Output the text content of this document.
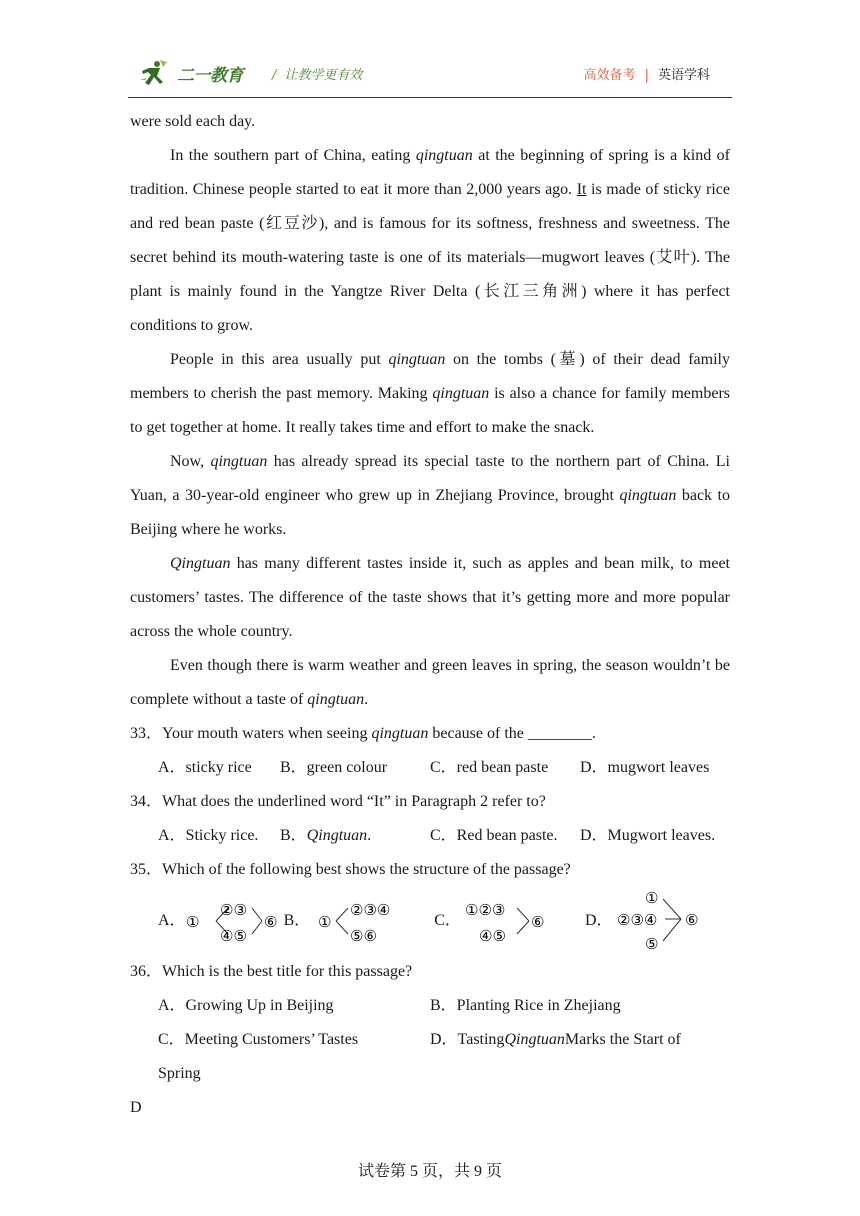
二一教育 / 让教学更有效	高效备考 | 英语学科

were sold each day.

In the southern part of China, eating qingtuan at the beginning of spring is a kind of tradition. Chinese people started to eat it more than 2,000 years ago. It is made of sticky rice and red bean paste (红豆沙), and is famous for its softness, freshness and sweetness. The secret behind its mouth-watering taste is one of its materials—mugwort leaves (艾叶). The plant is mainly found in the Yangtze River Delta (长江三角洲) where it has perfect conditions to grow.

People in this area usually put qingtuan on the tombs (墓) of their dead family members to cherish the past memory. Making qingtuan is also a chance for family members to get together at home. It really takes time and effort to make the snack.

Now, qingtuan has already spread its special taste to the northern part of China. Li Yuan, a 30-year-old engineer who grew up in Zhejiang Province, brought qingtuan back to Beijing where he works.

Qingtuan has many different tastes inside it, such as apples and bean milk, to meet customers’ tastes. The difference of the taste shows that it’s getting more and more popular across the whole country.

Even though there is warm weather and green leaves in spring, the season wouldn’t be complete without a taste of qingtuan.

33．Your mouth waters when seeing qingtuan because of the ________.

A．sticky rice	B．green colour	C．red bean paste	D．mugwort leaves

34．What does the underlined word “It” in Paragraph 2 refer to?

A．Sticky rice.	B．Qingtuan.	C．Red bean paste.	D．Mugwort leaves.

35．Which of the following best shows the structure of the passage?

A． ①
②③
④⑤
⑥ B． ①
②③④
⑤⑥
C．
①②③
④⑤
⑥	D．
①
②③④
⑤
⑥

36．Which is the best title for this passage?

A．Growing Up in Beijing	B．Planting Rice in Zhejiang
C．Meeting Customers’ Tastes	D．TastingQingtuanMarks the Start of
Spring

D

试卷第 5 页，共 9 页
